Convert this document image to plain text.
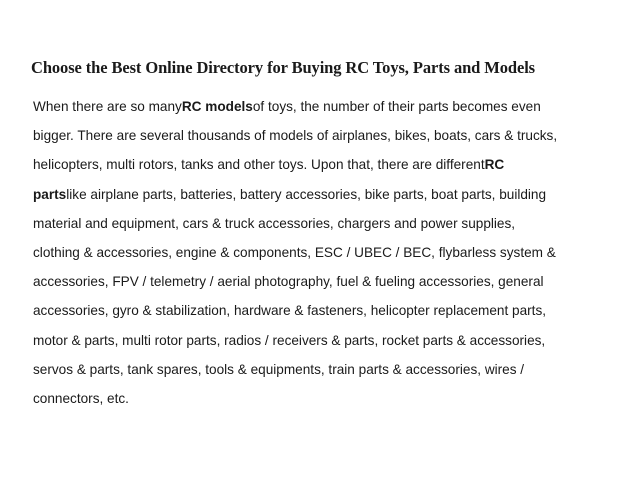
Choose the Best Online Directory for Buying RC Toys, Parts and Models

When there are so manyRC modelsof toys, the number of their parts becomes even
bigger. There are several thousands of models of airplanes, bikes, boats, cars & trucks,
helicopters, multi rotors, tanks and other toys. Upon that, there are differentRC
partslike airplane parts, batteries, battery accessories, bike parts, boat parts, building
material and equipment, cars & truck accessories, chargers and power supplies,
clothing & accessories, engine & components, ESC / UBEC / BEC, flybarless system &
accessories, FPV / telemetry / aerial photography, fuel & fueling accessories, general
accessories, gyro & stabilization, hardware & fasteners, helicopter replacement parts,
motor & parts, multi rotor parts, radios / receivers & parts, rocket parts & accessories,
servos & parts, tank spares, tools & equipments, train parts & accessories, wires /
connectors, etc.
